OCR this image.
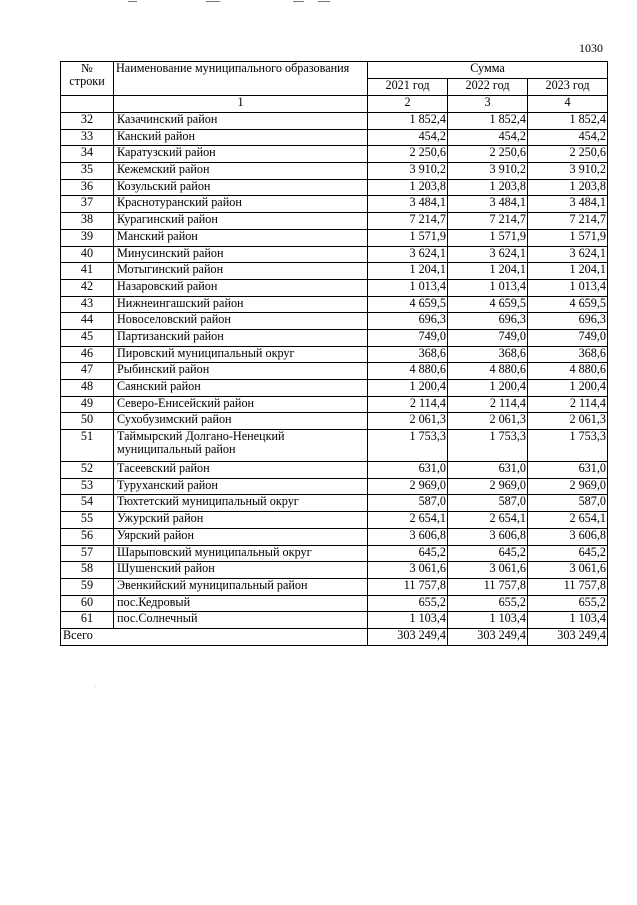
1030
№
строки	Наименование муниципального образования	Сумма		
		2021 год	2022 год	2023 год
	1	2	3	4
32	Казачинский район	1 852,4	1 852,4	1 852,4
33	Канский район	454,2	454,2	454,2
34	Каратузский район	2 250,6	2 250,6	2 250,6
35	Кежемский район	3 910,2	3 910,2	3 910,2
36	Козульский район	1 203,8	1 203,8	1 203,8
37	Краснотуранский район	3 484,1	3 484,1	3 484,1
38	Курагинский район	7 214,7	7 214,7	7 214,7
39	Манский район	1 571,9	1 571,9	1 571,9
40	Минусинский район	3 624,1	3 624,1	3 624,1
41	Мотыгинский район	1 204,1	1 204,1	1 204,1
42	Назаровский район	1 013,4	1 013,4	1 013,4
43	Нижнеингашский район	4 659,5	4 659,5	4 659,5
44	Новоселовский район	696,3	696,3	696,3
45	Партизанский район	749,0	749,0	749,0
46	Пировский муниципальный округ	368,6	368,6	368,6
47	Рыбинский район	4 880,6	4 880,6	4 880,6
48	Саянский район	1 200,4	1 200,4	1 200,4
49	Северо-Енисейский район	2 114,4	2 114,4	2 114,4
50	Сухобузимский район	2 061,3	2 061,3	2 061,3
51	Таймырский Долгано-Ненецкий муниципальный район	1 753,3	1 753,3	1 753,3
52	Тасеевский район	631,0	631,0	631,0
53	Туруханский район	2 969,0	2 969,0	2 969,0
54	Тюхтетский муниципальный округ	587,0	587,0	587,0
55	Ужурский район	2 654,1	2 654,1	2 654,1
56	Уярский район	3 606,8	3 606,8	3 606,8
57	Шарыповский муниципальный округ	645,2	645,2	645,2
58	Шушенский район	3 061,6	3 061,6	3 061,6
59	Эвенкийский муниципальный район	11 757,8	11 757,8	11 757,8
60	пос.Кедровый	655,2	655,2	655,2
61	пос.Солнечный	1 103,4	1 103,4	1 103,4
Всего		303 249,4	303 249,4	303 249,4
